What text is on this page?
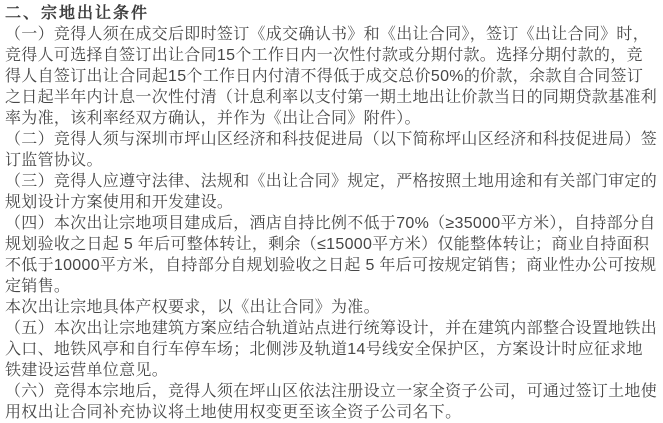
二、宗地出让条件

（一）竞得人须在成交后即时签订《成交确认书》和《出让合同》，签订《出让合同》时，竞得人可选择自签订出让合同15个工作日内一次性付款或分期付款。选择分期付款的，竞得人自签订出让合同起15个工作日内付清不得低于成交总价50%的价款，余款自合同签订之日起半年内计息一次性付清（计息利率以支付第一期土地出让价款当日的同期贷款基准利率为准，该利率经双方确认，并作为《出让合同》附件）。

（二）竞得人须与深圳市坪山区经济和科技促进局（以下简称坪山区经济和科技促进局）签订监管协议。

（三）竞得人应遵守法律、法规和《出让合同》规定，严格按照土地用途和有关部门审定的规划设计方案使用和开发建设。

（四）本次出让宗地项目建成后，酒店自持比例不低于70%（≥35000平方米），自持部分自规划验收之日起 5 年后可整体转让，剩余（≤15000平方米）仅能整体转让；商业自持面积不低于10000平方米，自持部分自规划验收之日起 5 年后可按规定销售；商业性办公可按规定销售。

本次出让宗地具体产权要求，以《出让合同》为准。

（五）本次出让宗地建筑方案应结合轨道站点进行统筹设计，并在建筑内部整合设置地铁出入口、地铁风亭和自行车停车场；北侧涉及轨道14号线安全保护区，方案设计时应征求地铁建设运营单位意见。

（六）竞得本宗地后，竞得人须在坪山区依法注册设立一家全资子公司，可通过签订土地使用权出让合同补充协议将土地使用权变更至该全资子公司名下。
